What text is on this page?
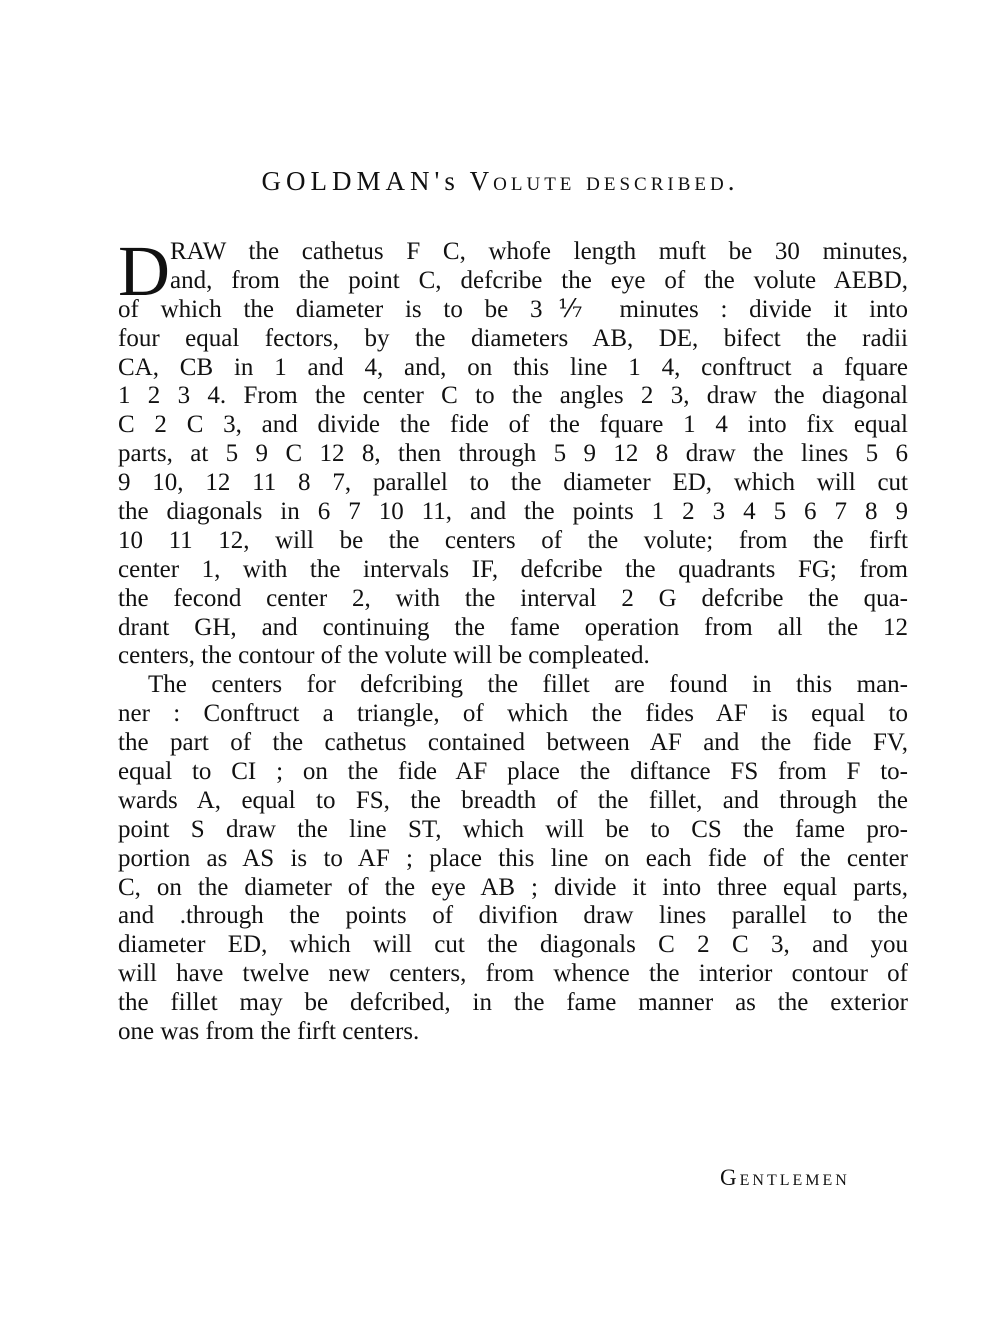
GOLDMAN's Volute described.
D RAW the cathetus F C, whofe length muft be 30 minutes,
and, from the point C, defcribe the eye of the volute AEBD,
of which the diameter is to be 3⅐ minutes : divide it into
four equal fectors, by the diameters AB, DE, bifect the radii
CA, CB in 1 and 4, and, on this line 1 4, conftruct a fquare
1 2 3 4. From the center C to the angles 2 3, draw the diagonal
C 2 C 3, and divide the fide of the fquare 1 4 into fix equal
parts, at 5 9 C 12 8, then through 5 9 12 8 draw the lines 5 6
9 10, 12 11 8 7, parallel to the diameter ED, which will cut
the diagonals in 6 7 10 11, and the points 1 2 3 4 5 6 7 8 9
10 11 12, will be the centers of the volute; from the firft
center 1, with the intervals IF, defcribe the quadrants FG; from
the fecond center 2, with the interval 2 G defcribe the qua-
drant GH, and continuing the fame operation from all the 12
centers, the contour of the volute will be compleated.
The centers for defcribing the fillet are found in this man-
ner : Conftruct a triangle, of which the fides AF is equal to
the part of the cathetus contained between AF and the fide FV,
equal to CI ; on the fide AF place the diftance FS from F to-
wards A, equal to FS, the breadth of the fillet, and through the
point S draw the line ST, which will be to CS the fame pro-
portion as AS is to AF ; place this line on each fide of the center
C, on the diameter of the eye AB ; divide it into three equal parts,
and .through the points of divifion draw lines parallel to the
diameter ED, which will cut the diagonals C 2 C 3, and you
will have twelve new centers, from whence the interior contour of
the fillet may be defcribed, in the fame manner as the exterior
one was from the firft centers.
Gentlemen
